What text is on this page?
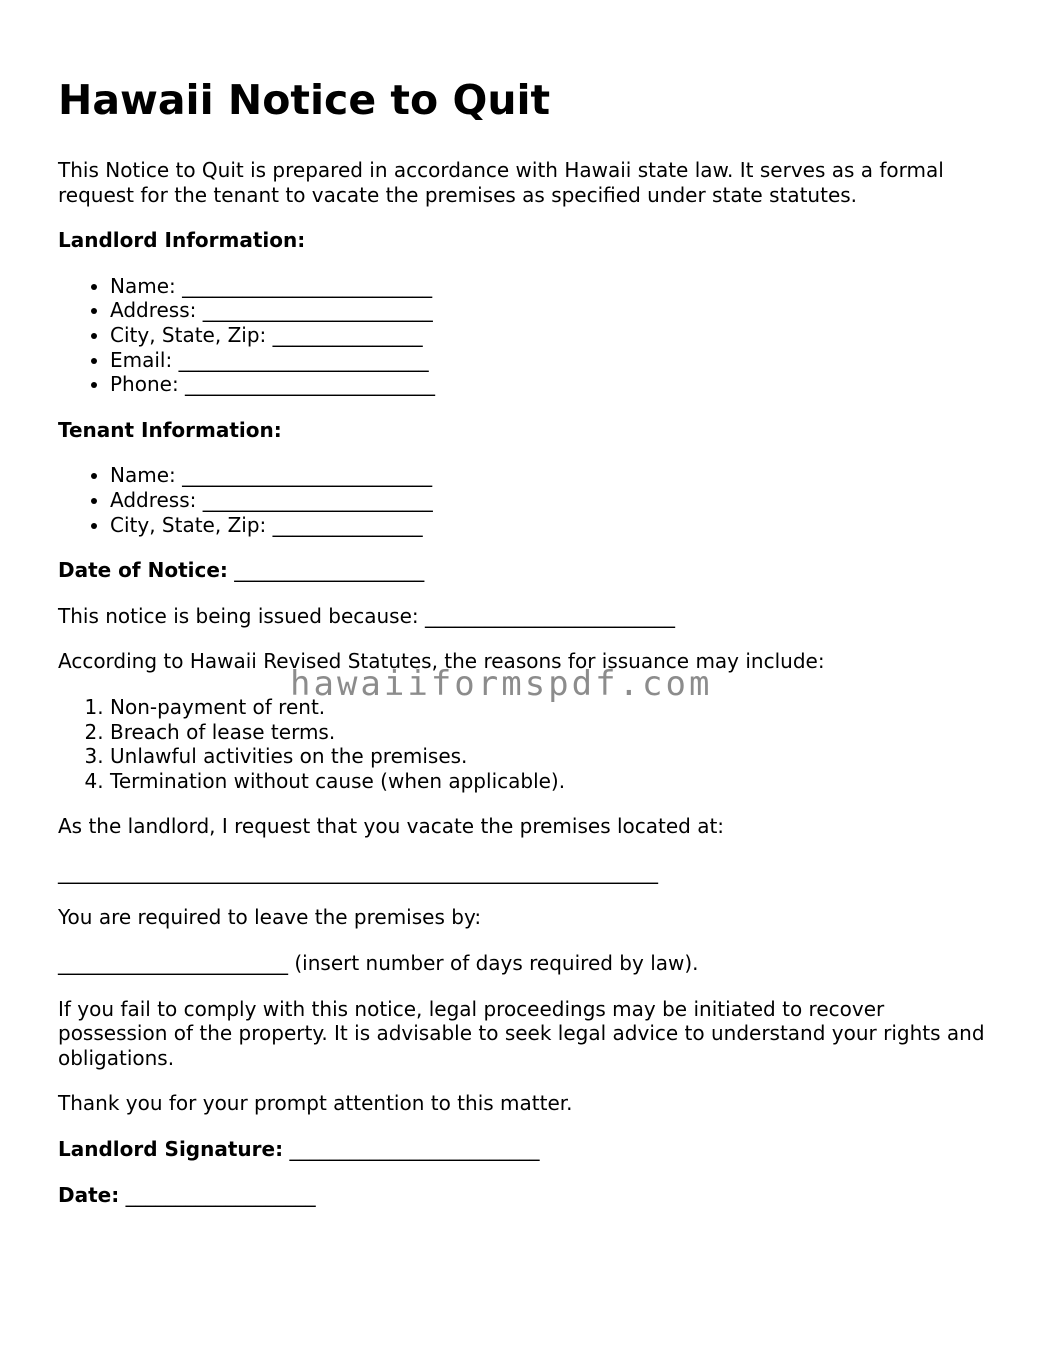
Hawaii Notice to Quit

This Notice to Quit is prepared in accordance with Hawaii state law. It serves as a formal request for the tenant to vacate the premises as specified under state statutes.

Landlord Information:

• Name: _________________________
• Address: _______________________
• City, State, Zip: _______________
• Email: _________________________
• Phone: _________________________

Tenant Information:

• Name: _________________________
• Address: _______________________
• City, State, Zip: _______________

Date of Notice: ___________________

This notice is being issued because: _________________________

According to Hawaii Revised Statutes, the reasons for issuance may include:

1. Non-payment of rent.
2. Breach of lease terms.
3. Unlawful activities on the premises.
4. Termination without cause (when applicable).

As the landlord, I request that you vacate the premises located at:

____________________________________________________________

You are required to leave the premises by:

_______________________ (insert number of days required by law).

If you fail to comply with this notice, legal proceedings may be initiated to recover possession of the property. It is advisable to seek legal advice to understand your rights and obligations.

Thank you for your prompt attention to this matter.

Landlord Signature: _________________________

Date: ___________________

hawaiiformspdf.com
